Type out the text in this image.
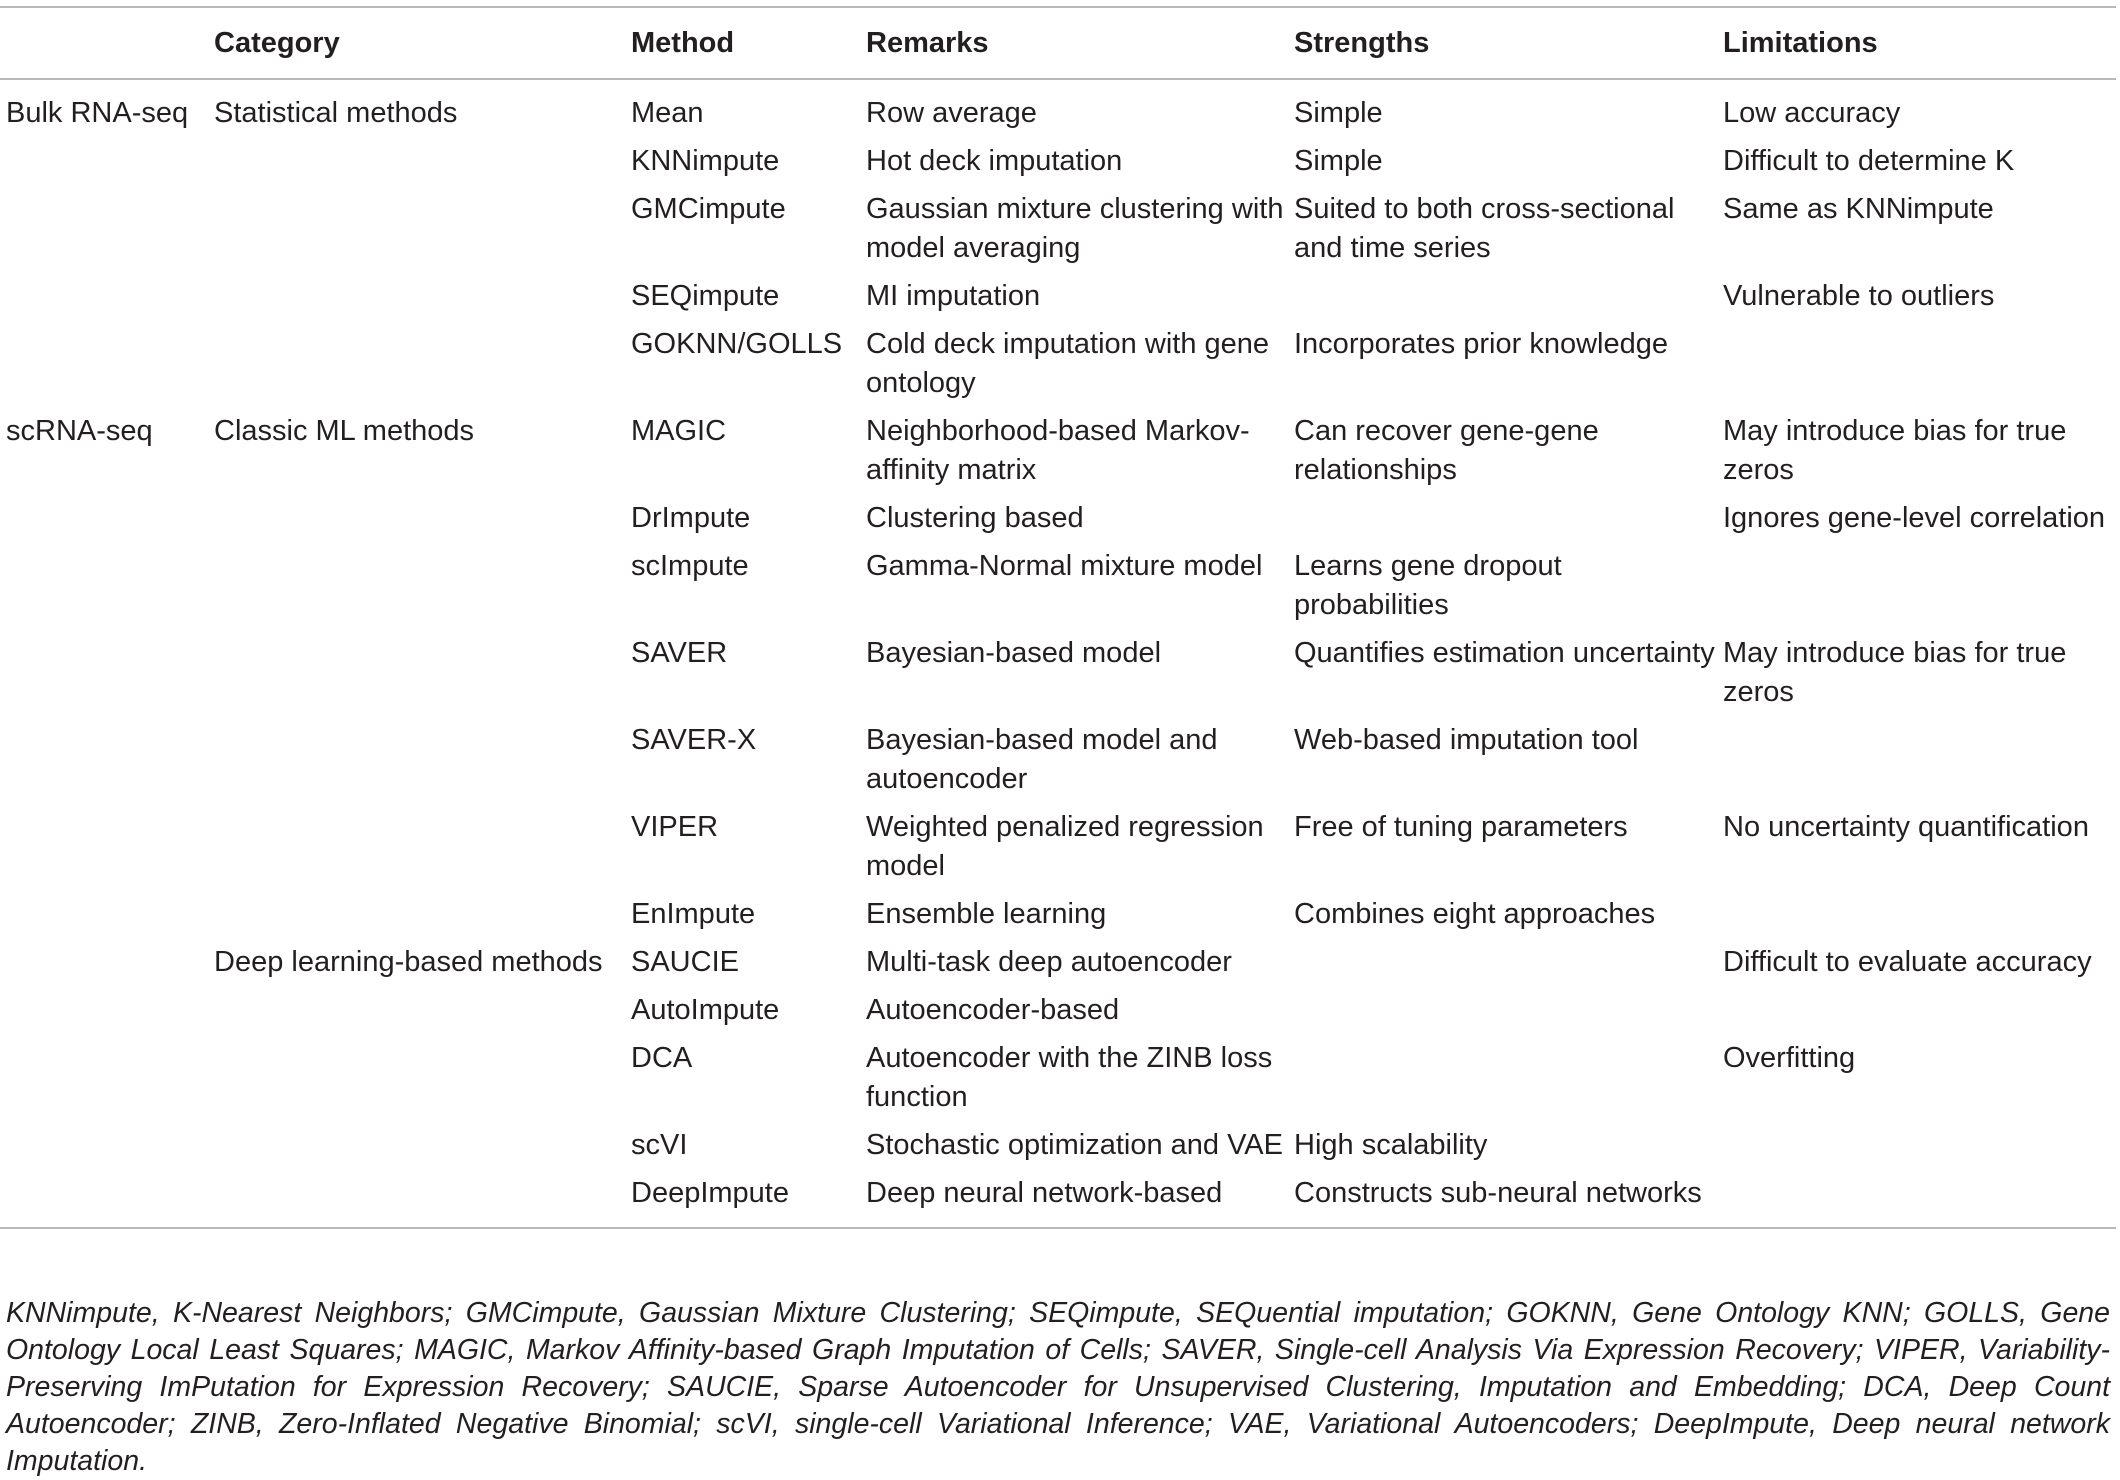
	Category	Method	Remarks	Strengths	Limitations
Bulk RNA-seq	Statistical methods	Mean	Row average	Simple	Low accuracy
		KNNimpute	Hot deck imputation	Simple	Difficult to determine K
		GMCimpute	Gaussian mixture clustering with model averaging	Suited to both cross-sectional and time series	Same as KNNimpute
		SEQimpute	MI imputation		Vulnerable to outliers
		GOKNN/GOLLS	Cold deck imputation with gene ontology	Incorporates prior knowledge	
scRNA-seq	Classic ML methods	MAGIC	Neighborhood-based Markov-affinity matrix	Can recover gene-gene relationships	May introduce bias for true zeros
		DrImpute	Clustering based		Ignores gene-level correlation
		scImpute	Gamma-Normal mixture model	Learns gene dropout probabilities	
		SAVER	Bayesian-based model	Quantifies estimation uncertainty	May introduce bias for true zeros
		SAVER-X	Bayesian-based model and autoencoder	Web-based imputation tool	
		VIPER	Weighted penalized regression model	Free of tuning parameters	No uncertainty quantification
		EnImpute	Ensemble learning	Combines eight approaches	
	Deep learning-based methods	SAUCIE	Multi-task deep autoencoder		Difficult to evaluate accuracy
		AutoImpute	Autoencoder-based		
		DCA	Autoencoder with the ZINB loss function		Overfitting
		scVI	Stochastic optimization and VAE	High scalability	
		DeepImpute	Deep neural network-based	Constructs sub-neural networks	
KNNimpute, K-Nearest Neighbors; GMCimpute, Gaussian Mixture Clustering; SEQimpute, SEQuential imputation; GOKNN, Gene Ontology KNN; GOLLS, Gene Ontology Local Least Squares; MAGIC, Markov Affinity-based Graph Imputation of Cells; SAVER, Single-cell Analysis Via Expression Recovery; VIPER, Variability-Preserving ImPutation for Expression Recovery; SAUCIE, Sparse Autoencoder for Unsupervised Clustering, Imputation and Embedding; DCA, Deep Count Autoencoder; ZINB, Zero-Inflated Negative Binomial; scVI, single-cell Variational Inference; VAE, Variational Autoencoders; DeepImpute, Deep neural network Imputation.
